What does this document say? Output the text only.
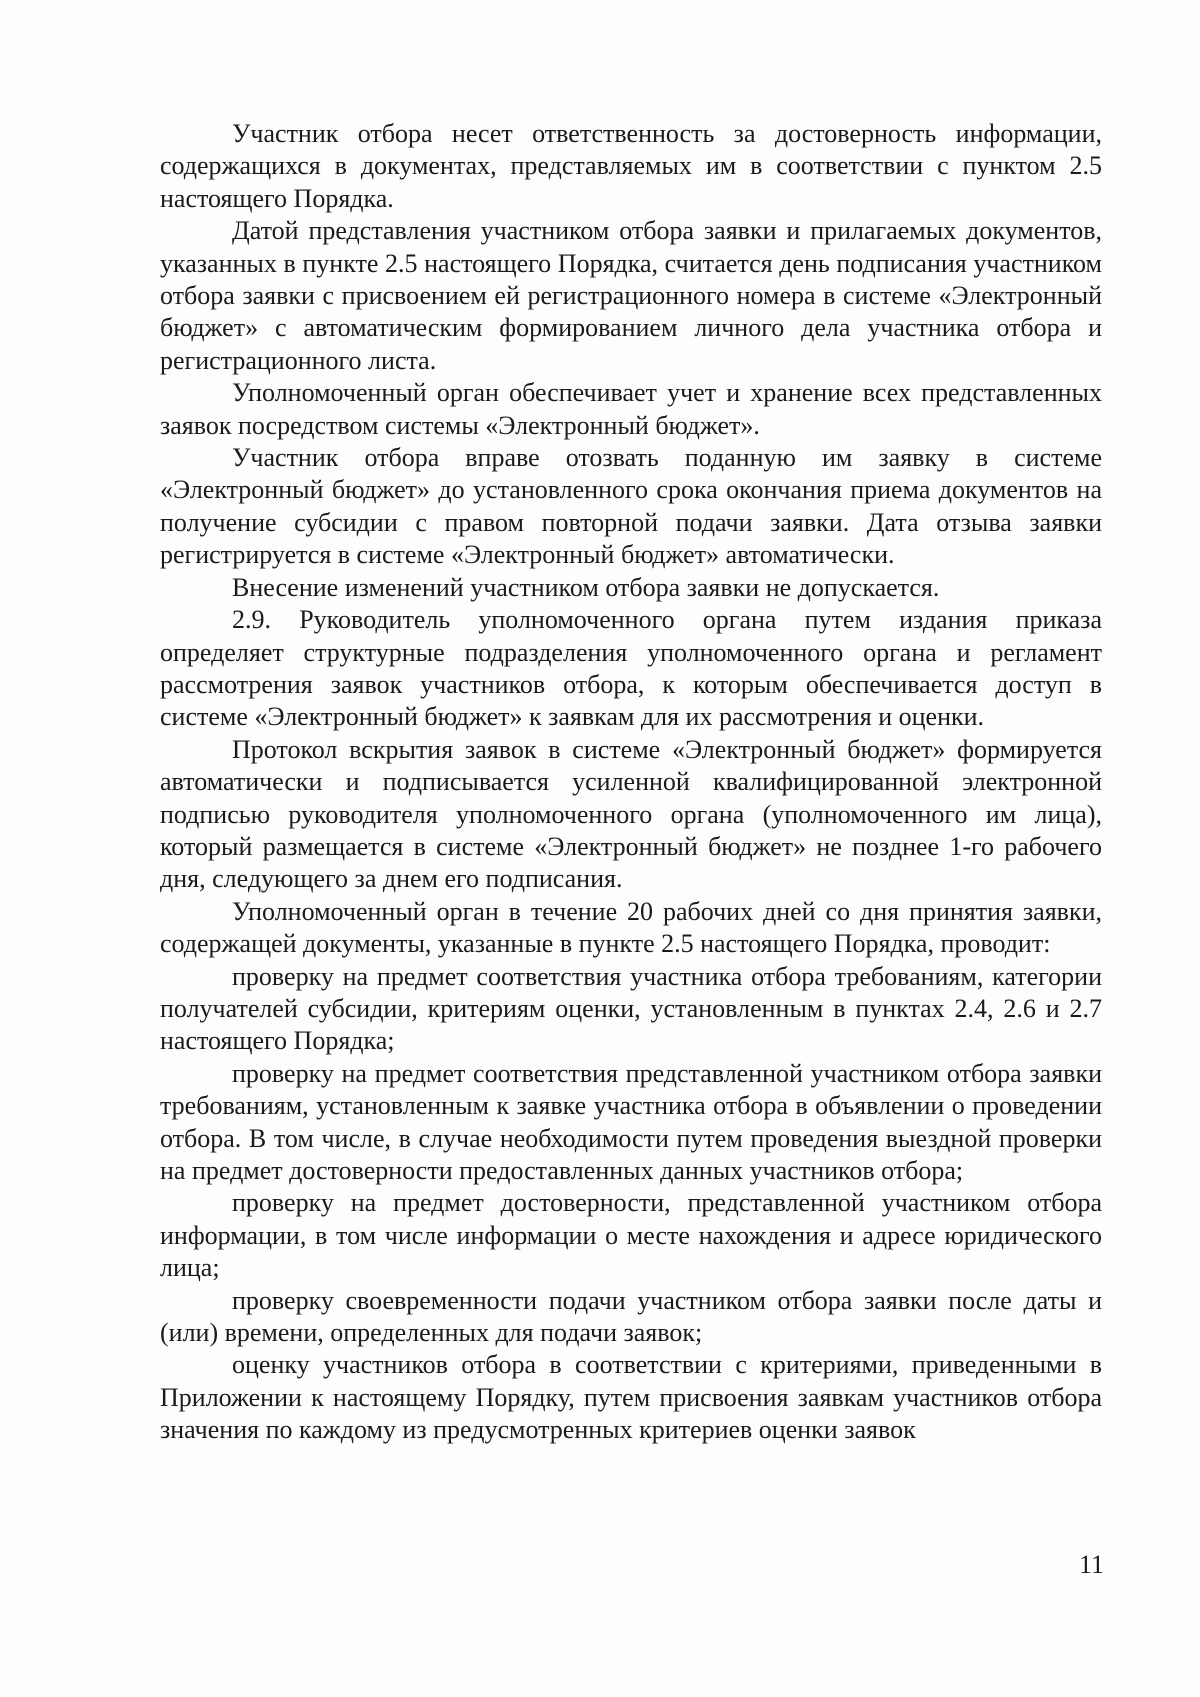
Участник отбора несет ответственность за достоверность информации, содержащихся в документах, представляемых им в соответствии с пунктом 2.5 настоящего Порядка.

Датой представления участником отбора заявки и прилагаемых документов, указанных в пункте 2.5 настоящего Порядка, считается день подписания участником отбора заявки с присвоением ей регистрационного номера в системе «Электронный бюджет» с автоматическим формированием личного дела участника отбора и регистрационного листа.

Уполномоченный орган обеспечивает учет и хранение всех представленных заявок посредством системы «Электронный бюджет».

Участник отбора вправе отозвать поданную им заявку в системе «Электронный бюджет» до установленного срока окончания приема документов на получение субсидии с правом повторной подачи заявки. Дата отзыва заявки регистрируется в системе «Электронный бюджет» автоматически.

Внесение изменений участником отбора заявки не допускается.

2.9. Руководитель уполномоченного органа путем издания приказа определяет структурные подразделения уполномоченного органа и регламент рассмотрения заявок участников отбора, к которым обеспечивается доступ в системе «Электронный бюджет» к заявкам для их рассмотрения и оценки.

Протокол вскрытия заявок в системе «Электронный бюджет» формируется автоматически и подписывается усиленной квалифицированной электронной подписью руководителя уполномоченного органа (уполномоченного им лица), который размещается в системе «Электронный бюджет» не позднее 1-го рабочего дня, следующего за днем его подписания.

Уполномоченный орган в течение 20 рабочих дней со дня принятия заявки, содержащей документы, указанные в пункте 2.5 настоящего Порядка, проводит:

проверку на предмет соответствия участника отбора требованиям, категории получателей субсидии, критериям оценки, установленным в пунктах 2.4, 2.6 и 2.7 настоящего Порядка;

проверку на предмет соответствия представленной участником отбора заявки требованиям, установленным к заявке участника отбора в объявлении о проведении отбора. В том числе, в случае необходимости путем проведения выездной проверки на предмет достоверности предоставленных данных участников отбора;

проверку на предмет достоверности, представленной участником отбора информации, в том числе информации о месте нахождения и адресе юридического лица;

проверку своевременности подачи участником отбора заявки после даты и (или) времени, определенных для подачи заявок;

оценку участников отбора в соответствии с критериями, приведенными в Приложении к настоящему Порядку, путем присвоения заявкам участников отбора значения по каждому из предусмотренных критериев оценки заявок

11
